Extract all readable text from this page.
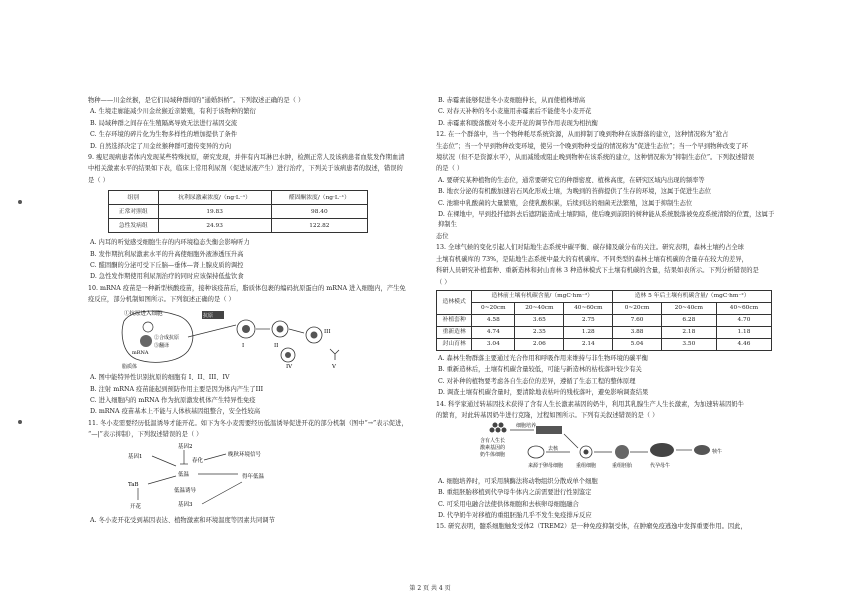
物种——川金丝猴，是它们局域种群间的“通婚斜桥”。下列叙述正确的是（ ）

A. 生境走廊能减少川金丝猴近亲繁殖，有利于该物种的繁衍

B. 局域种群之间存在生殖隔离导致无法进行基因交流

C. 生存环境的碎片化为生物多样性的增加提供了条件

D. 自然选择决定了川金丝猴种群可遗传变异的方向

9. 瘦尼现病患者体内发现某些特殊抗原，研究发现，并伴有内耳淋巴水肿，检测正常人及该病患者血浆发作期血清

中相关激素水平的结果如下表，临床上常用利尿剂（促进尿液产生）进行治疗，下列关于该病患者的叙述，错误的

是（ ）

组别	抗利尿激素浓度/（ng·L⁻¹）	醛固酮浓度/（ng·L⁻¹）
正常对照组	19.83	98.40
急性发病组	24.93	122.82

A. 内耳的听觉感受细胞生存的内环境稳态失衡会影响听力

B. 发作期抗利尿激素水平的升高使细胞外液渗透压升高

C. 醛固酮的分泌可受下丘脑—垂体—肾上腺皮质的调控

D. 急性发作期使用利尿剂治疗的同时应该保持低盐饮食

10. mRNA 疫苗是一种新型核酸疫苗，接种该疫苗后，脂质体包裹的编码抗原蛋白的 mRNA 进入细胞内，产生免

疫反应，部分机制如图所示。下列叙述正确的是（ ）

①抗原进入细胞
②合成抗原
③翻译
mRNA
脂质体
抗原
I	II
III
IV	V

A. 图中能特异性识别抗原的细胞有 I、II、III、IV

B. 注射 mRNA 疫苗能起到预防作用主要是因为体内产生了III

C. 进入细胞内的 mRNA 作为抗原激发机体产生特异性免疫

D. mRNA 疫苗基本上不能与人体核基因组整合，安全性较高

11. 冬小麦需要经历低温诱导才能开花。如下为冬小麦需要经历低温诱导促进开花的部分机制（图中“→”表示促进，

“—|”表示抑制），下列叙述错误的是（ ）

基因2
基因1
春化
晚秋环境信号
低温	得年低温
TaB
低温诱导
开花	基因3

A. 冬小麦开花受到基因表达、植物激素和环境温度等因素共同调节

B. 赤霉素能够促进冬小麦细胞伸长，从而使植株增高

C. 对春天补种的冬小麦施用赤霉素后不能使冬小麦开花

D. 赤霉素和脱落酸对冬小麦开花的调节作用表现为相抗衡

12. 在一个群落中，当一个物种耗尽系统资源，从而抑制了晚到物种在该群落的建立，这种情况称为“抢占

生态位”；当一个早到物种改变环境，使另一个晚到物种受益的情况称为“促进生态位”；当一个早到物种改变了环

境状况（但不是资源水平），从而减缓或阻止晚到物种在该系统的建立，这种情况称为“抑制生态位”。下列叙述错误

的是（ ）

A. 要研究某种植物的生态位，通常要研究它的种群密度、植株高度，在研究区域内出现的频率等

B. 地衣分泌的有机酸加速岩石风化形成土壤，为晚到的苔藓提供了生存的环境，这属于促进生态位

C. 池塘中乳酸菌的大量繁殖，会使乳酸积累，后续到达的细菌无法繁殖，这属于抑制生态位

D. 在裸地中，早到投扦遮斜去后遮阴能造成土壤阴暗，使后晚到前阳的树种能从系统脱落被免疫系统清除的位置，这属于抑制生

态位

13. 全球气候的变化引起人们对陆地生态系统中碳平衡、碳存储及碳分布的关注。研究表明，森林土壤约占全球

土壤有机碳库的 73%，是陆地生态系统中最大的有机碳库。不同类型的森林土壤有机碳的含量存在较大的差异，

科研人员研究补植套种、重新造林和封山育林 3 种造林模式下土壤有机碳的含量，结果如表所示。下列分析错误的是

（ ）

造林模式	造林前土壤有机碳含量/（mgC·hm⁻²）			造林 5 年后土壤有机碳含量/（mgC·hm⁻²）		
	0~20cm	20~40cm	40~60cm	0~20cm	20~40cm	40~60cm
补植套种	4.58	3.65	2.75	7.60	6.28	4.70
重新造林	4.74	2.35	1.28	3.88	2.18	1.18
封山育林	3.04	2.06	2.14	5.04	3.50	4.46

A. 森林生物群落主要通过光合作用和呼吸作用来维持与非生物环境的碳平衡

B. 重新造林后，土壤有机碳含量较低，可能与新造林的枯枝落叶较少有关

C. 对补种的植物要考虑各自生态位的差异，遵循了生态工程的整体原理

D. 调查土壤有机碳含量时，要清除地表枯叶的残枝落叶，避免影响调查结果

14. 科学家通过转基因技术获得了含有人生长激素基因的奶牛，利用其乳腺生产人生长激素，为加速转基因奶牛

的繁育，对此转基因奶牛进行克隆，过程如图所示。下列有关叙述错误的是（ ）

含有人生长
激素基因的
奶牛体细胞
细胞培养
来源于卵母细胞
去核
重组细胞	重组胚胎	代孕母牛
犊牛

A. 细胞培养时，可采用胰酶法将动物组织分散成单个细胞

B. 重组胚胎移植到代孕母牛体内之前需要进行性别鉴定

C. 可采用电融合法使供体细胞和去核卵母细胞融合

D. 代孕奶牛对移植的重组胚胎几乎不发生免疫排斥反应

15. 研究表明，髓系细胞触发受体2（TREM2）是一种免疫抑制受体，在肿瘤免疫逃逸中发挥重要作用。因此，

第 2 页 共 4 页
